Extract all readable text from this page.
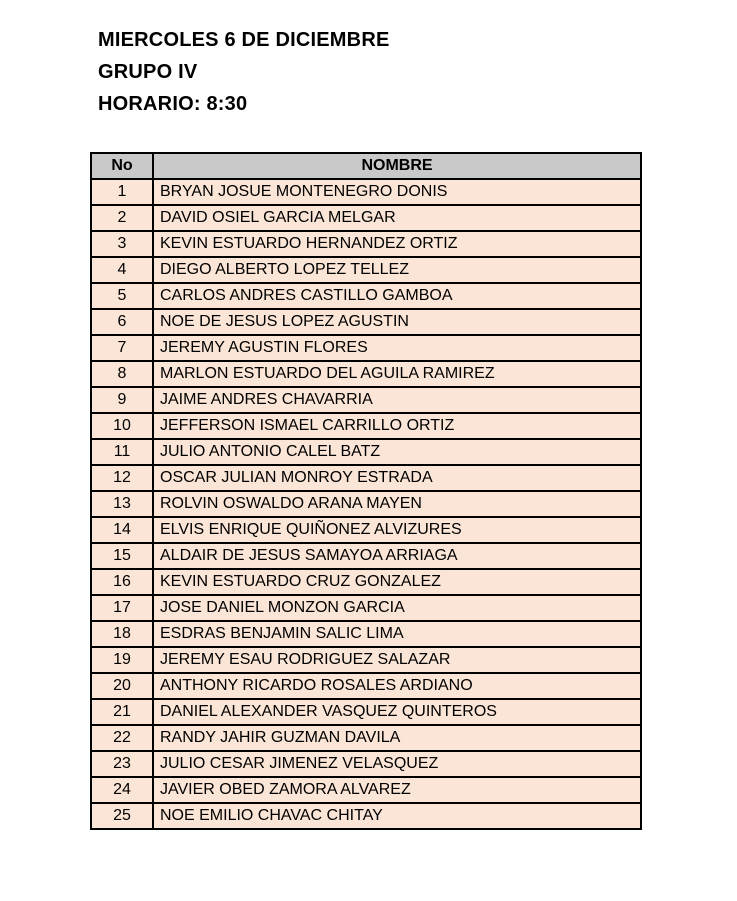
MIERCOLES 6 DE DICIEMBRE
GRUPO IV
HORARIO: 8:30
No	NOMBRE
1	BRYAN JOSUE MONTENEGRO DONIS
2	DAVID OSIEL GARCIA MELGAR
3	KEVIN ESTUARDO HERNANDEZ ORTIZ
4	DIEGO ALBERTO LOPEZ TELLEZ
5	CARLOS ANDRES CASTILLO GAMBOA
6	NOE DE JESUS LOPEZ AGUSTIN
7	JEREMY AGUSTIN FLORES
8	MARLON ESTUARDO DEL AGUILA RAMIREZ
9	JAIME ANDRES CHAVARRIA
10	JEFFERSON ISMAEL CARRILLO ORTIZ
11	JULIO ANTONIO CALEL BATZ
12	OSCAR JULIAN MONROY ESTRADA
13	ROLVIN OSWALDO ARANA MAYEN
14	ELVIS ENRIQUE QUIÑONEZ ALVIZURES
15	ALDAIR DE JESUS SAMAYOA ARRIAGA
16	KEVIN ESTUARDO CRUZ GONZALEZ
17	JOSE DANIEL MONZON GARCIA
18	ESDRAS BENJAMIN SALIC LIMA
19	JEREMY ESAU RODRIGUEZ SALAZAR
20	ANTHONY RICARDO ROSALES ARDIANO
21	DANIEL ALEXANDER VASQUEZ QUINTEROS
22	RANDY JAHIR GUZMAN DAVILA
23	JULIO CESAR JIMENEZ VELASQUEZ
24	JAVIER OBED ZAMORA ALVAREZ
25	NOE EMILIO CHAVAC CHITAY
